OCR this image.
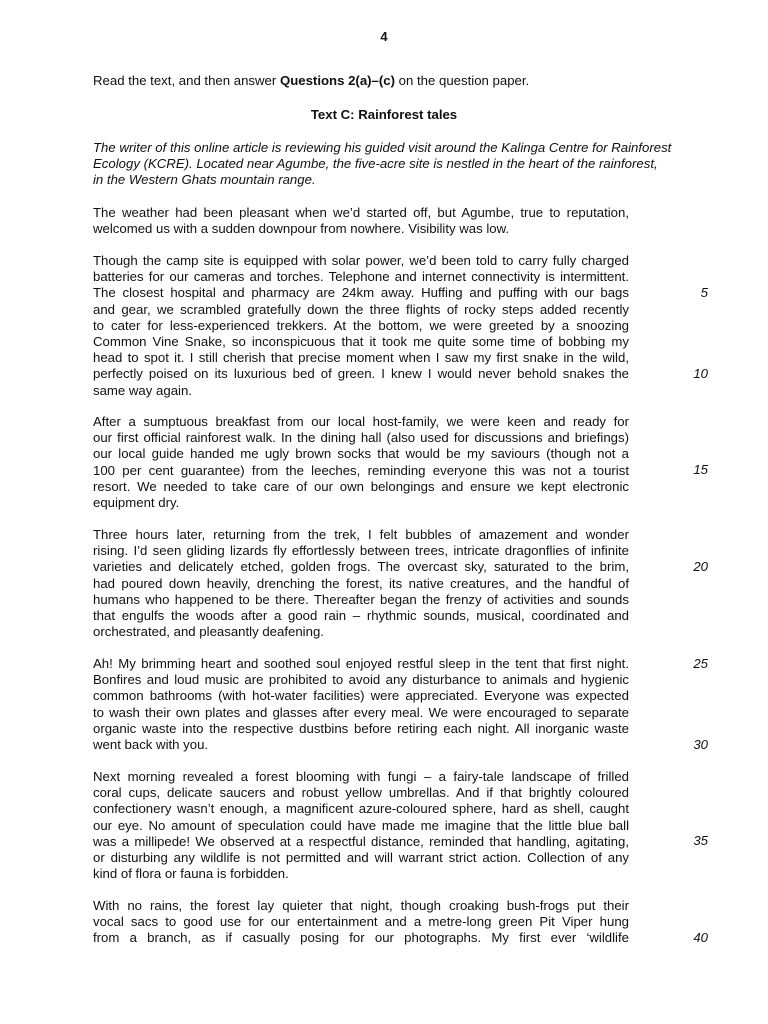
4
Read the text, and then answer Questions 2(a)–(c) on the question paper.
Text C: Rainforest tales
The writer of this online article is reviewing his guided visit around the Kalinga Centre for Rainforest
Ecology (KCRE). Located near Agumbe, the five-acre site is nestled in the heart of the rainforest,
in the Western Ghats mountain range.
The weather had been pleasant when we’d started off, but Agumbe, true to reputation,
welcomed us with a sudden downpour from nowhere. Visibility was low.
Though the camp site is equipped with solar power, we’d been told to carry fully charged
batteries for our cameras and torches. Telephone and internet connectivity is intermittent.
The closest hospital and pharmacy are 24km away. Huffing and puffing with our bags
and gear, we scrambled gratefully down the three flights of rocky steps added recently
to cater for less-experienced trekkers. At the bottom, we were greeted by a snoozing
Common Vine Snake, so inconspicuous that it took me quite some time of bobbing my
head to spot it. I still cherish that precise moment when I saw my first snake in the wild,
perfectly poised on its luxurious bed of green. I knew I would never behold snakes the
same way again.
After a sumptuous breakfast from our local host-family, we were keen and ready for
our first official rainforest walk. In the dining hall (also used for discussions and briefings)
our local guide handed me ugly brown socks that would be my saviours (though not a
100 per cent guarantee) from the leeches, reminding everyone this was not a tourist
resort. We needed to take care of our own belongings and ensure we kept electronic
equipment dry.
Three hours later, returning from the trek, I felt bubbles of amazement and wonder
rising. I’d seen gliding lizards fly effortlessly between trees, intricate dragonflies of infinite
varieties and delicately etched, golden frogs. The overcast sky, saturated to the brim,
had poured down heavily, drenching the forest, its native creatures, and the handful of
humans who happened to be there. Thereafter began the frenzy of activities and sounds
that engulfs the woods after a good rain – rhythmic sounds, musical, coordinated and
orchestrated, and pleasantly deafening.
Ah! My brimming heart and soothed soul enjoyed restful sleep in the tent that first night.
Bonfires and loud music are prohibited to avoid any disturbance to animals and hygienic
common bathrooms (with hot-water facilities) were appreciated. Everyone was expected
to wash their own plates and glasses after every meal. We were encouraged to separate
organic waste into the respective dustbins before retiring each night. All inorganic waste
went back with you.
Next morning revealed a forest blooming with fungi – a fairy-tale landscape of frilled
coral cups, delicate saucers and robust yellow umbrellas. And if that brightly coloured
confectionery wasn’t enough, a magnificent azure-coloured sphere, hard as shell, caught
our eye. No amount of speculation could have made me imagine that the little blue ball
was a millipede! We observed at a respectful distance, reminded that handling, agitating,
or disturbing any wildlife is not permitted and will warrant strict action. Collection of any
kind of flora or fauna is forbidden.
With no rains, the forest lay quieter that night, though croaking bush-frogs put their
vocal sacs to good use for our entertainment and a metre-long green Pit Viper hung
from a branch, as if casually posing for our photographs. My first ever ‘wildlife
5
10
15
20
25
30
35
40
